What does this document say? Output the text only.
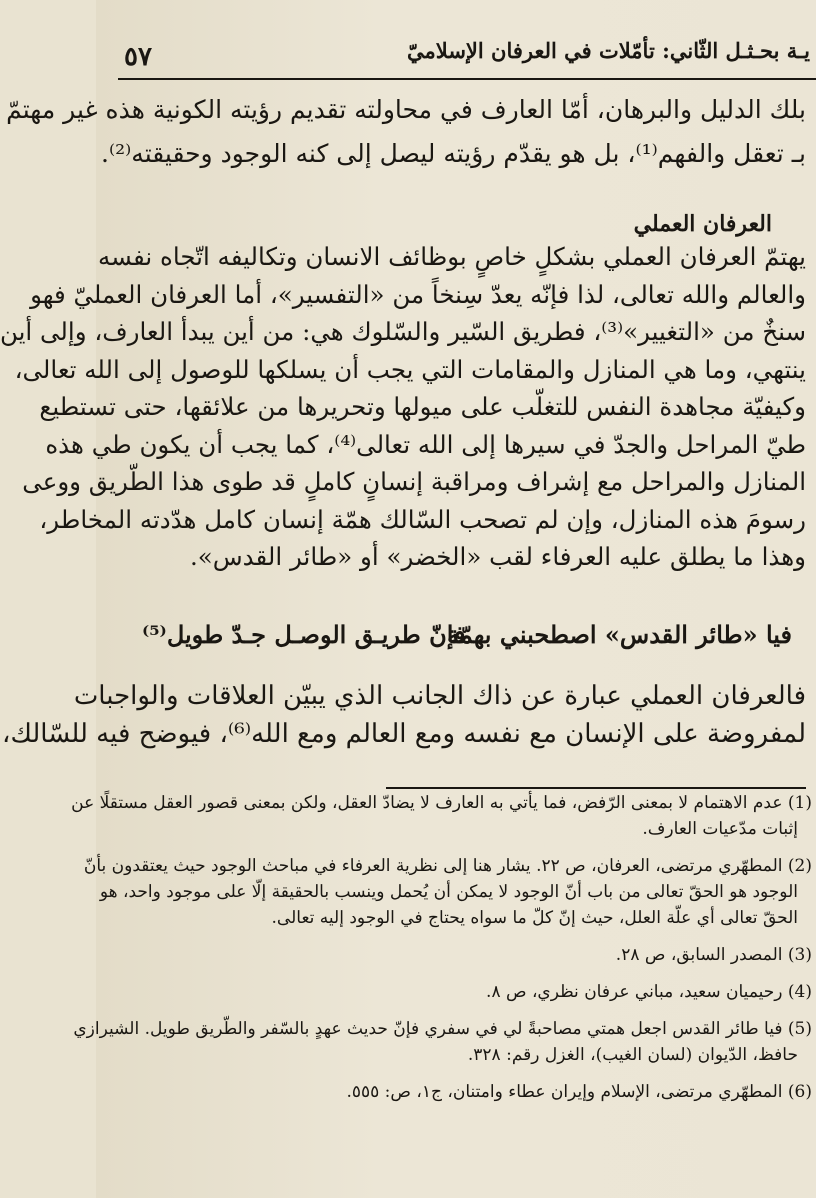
يـة بحـثـل الثّاني: تأمّلات في العرفان الإسلاميّ
٥٧
بلك الدليل والبرهان، أمّا العارف في محاولته تقديم رؤيته الكونية هذه غير مهتمّ
بـ تعقل والفهم⁽¹⁾، بل هو يقدّم رؤيته ليصل إلى كنه الوجود وحقيقته⁽²⁾.
العرفان العملي
يهتمّ العرفان العملي بشكلٍ خاصٍ بوظائف الانسان وتكاليفه اتّجاه نفسه
والعالم والله تعالى، لذا فإنّه يعدّ سِنخاً من «التفسير»، أما العرفان العمليّ فهو
سنخٌ من «التغيير»⁽³⁾، فطريق السّير والسّلوك هي: من أين يبدأ العارف، وإلى أين
ينتهي، وما هي المنازل والمقامات التي يجب أن يسلكها للوصول إلى الله تعالى،
وكيفيّة مجاهدة النفس للتغلّب على ميولها وتحريرها من علائقها، حتى تستطيع
طيّ المراحل والجدّ في سيرها إلى الله تعالى⁽⁴⁾، كما يجب أن يكون طي هذه
المنازل والمراحل مع إشراف ومراقبة إنسانٍ كاملٍ قد طوى هذا الطّريق ووعى
رسومَ هذه المنازل، وإن لم تصحب السّالك همّة إنسان كامل هدّدته المخاطر،
وهذا ما يطلق عليه العرفاء لقب «الخضر» أو «طائر القدس».
فيا «طائر القدس» اصطحبني بهمّة
فإنّ طريـق الوصـل جـدّ طويل⁽⁵⁾
فالعرفان العملي عبارة عن ذاك الجانب الذي يبيّن العلاقات والواجبات
لمفروضة على الإنسان مع نفسه ومع العالم ومع الله⁽⁶⁾، فيوضح فيه للسّالك،
(1) عدم الاهتمام لا بمعنى الرّفض، فما يأتي به العارف لا يضادّ العقل، ولكن بمعنى قصور العقل مستقلًا عن
إثبات مدّعيات العارف.
(2) المطهّري مرتضى، العرفان، ص ٢٢. يشار هنا إلى نظرية العرفاء في مباحث الوجود حيث يعتقدون بأنّ
الوجود هو الحقّ تعالى من باب أنّ الوجود لا يمكن أن يُحمل وينسب بالحقيقة إلّا على موجود واحد، هو
الحقّ تعالى أي علّة العلل، حيث إنّ كلّ ما سواه يحتاج في الوجود إليه تعالى.
(3) المصدر السابق، ص ٢٨.
(4) رحيميان سعيد، مباني عرفان نظري، ص ٨.
(5) فيا طائر القدس اجعل همتي مصاحبةً لي في سفري فإنّ حديث عهدٍ بالسّفر والطّريق طويل. الشيرازي
حافظ، الدّيوان (لسان الغيب)، الغزل رقم: ٣٢٨.
(6) المطهّري مرتضى، الإسلام وإيران عطاء وامتنان، ج١، ص: ٥٥٥.
